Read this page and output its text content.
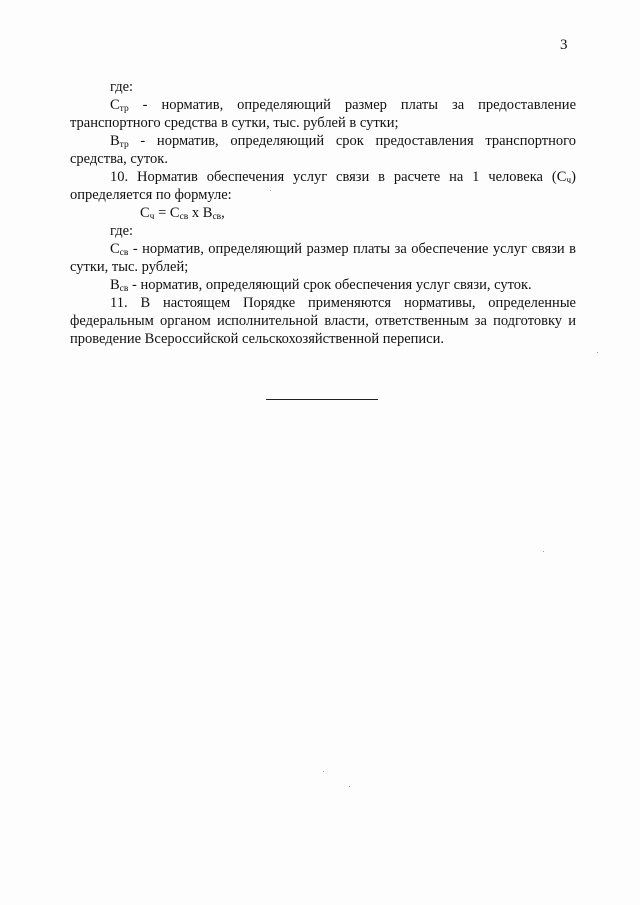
3

где:

$С_{тр}$ - норматив, определяющий размер платы за предоставление транспортного средства в сутки, тыс. рублей в сутки;

$В_{тр}$ - норматив, определяющий срок предоставления транспортного средства, суток.

10. Норматив обеспечения услуг связи в расчете на 1 человека $(С_ч)$ определяется по формуле:

$С_ч = С_{св}$ х $В_{св}$,

где:

$С_{св}$ - норматив, определяющий размер платы за обеспечение услуг связи в сутки, тыс. рублей;

$В_{св}$ - норматив, определяющий срок обеспечения услуг связи, суток.

11. В настоящем Порядке применяются нормативы, определенные федеральным органом исполнительной власти, ответственным за подготовку и проведение Всероссийской сельскохозяйственной переписи.
